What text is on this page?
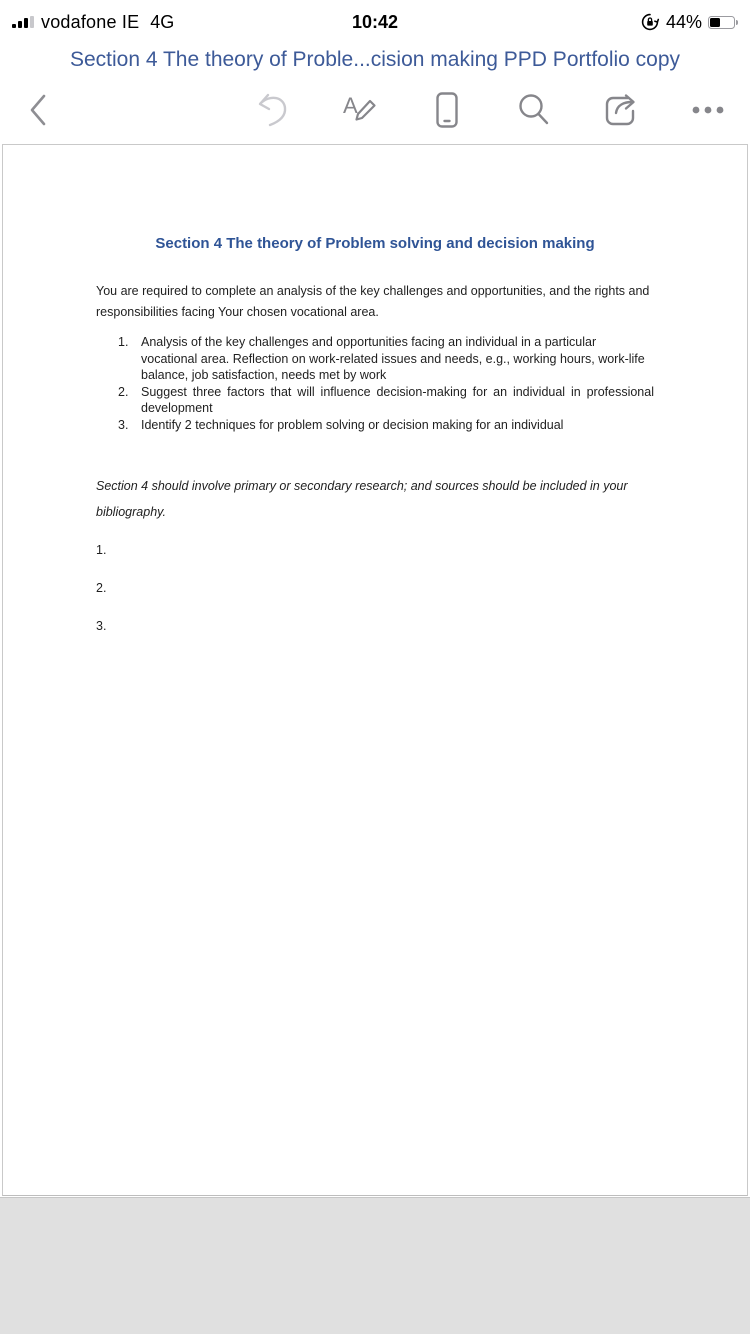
vodafone IE 4G	10:42	44%
Section 4 The theory of Proble...cision making PPD Portfolio copy
A
Section 4 The theory of Problem solving and decision making

You are required to complete an analysis of the key challenges and opportunities, and the rights and responsibilities facing Your chosen vocational area.

1.	Analysis of the key challenges and opportunities facing an individual in a particular vocational area. Reflection on work-related issues and needs, e.g., working hours, work-life balance, job satisfaction, needs met by work
2.	Suggest three factors that will influence decision-making for an individual in professional development
3.	Identify 2 techniques for problem solving or decision making for an individual

Section 4 should involve primary or secondary research; and sources should be included in your bibliography.

1.

2.

3.
